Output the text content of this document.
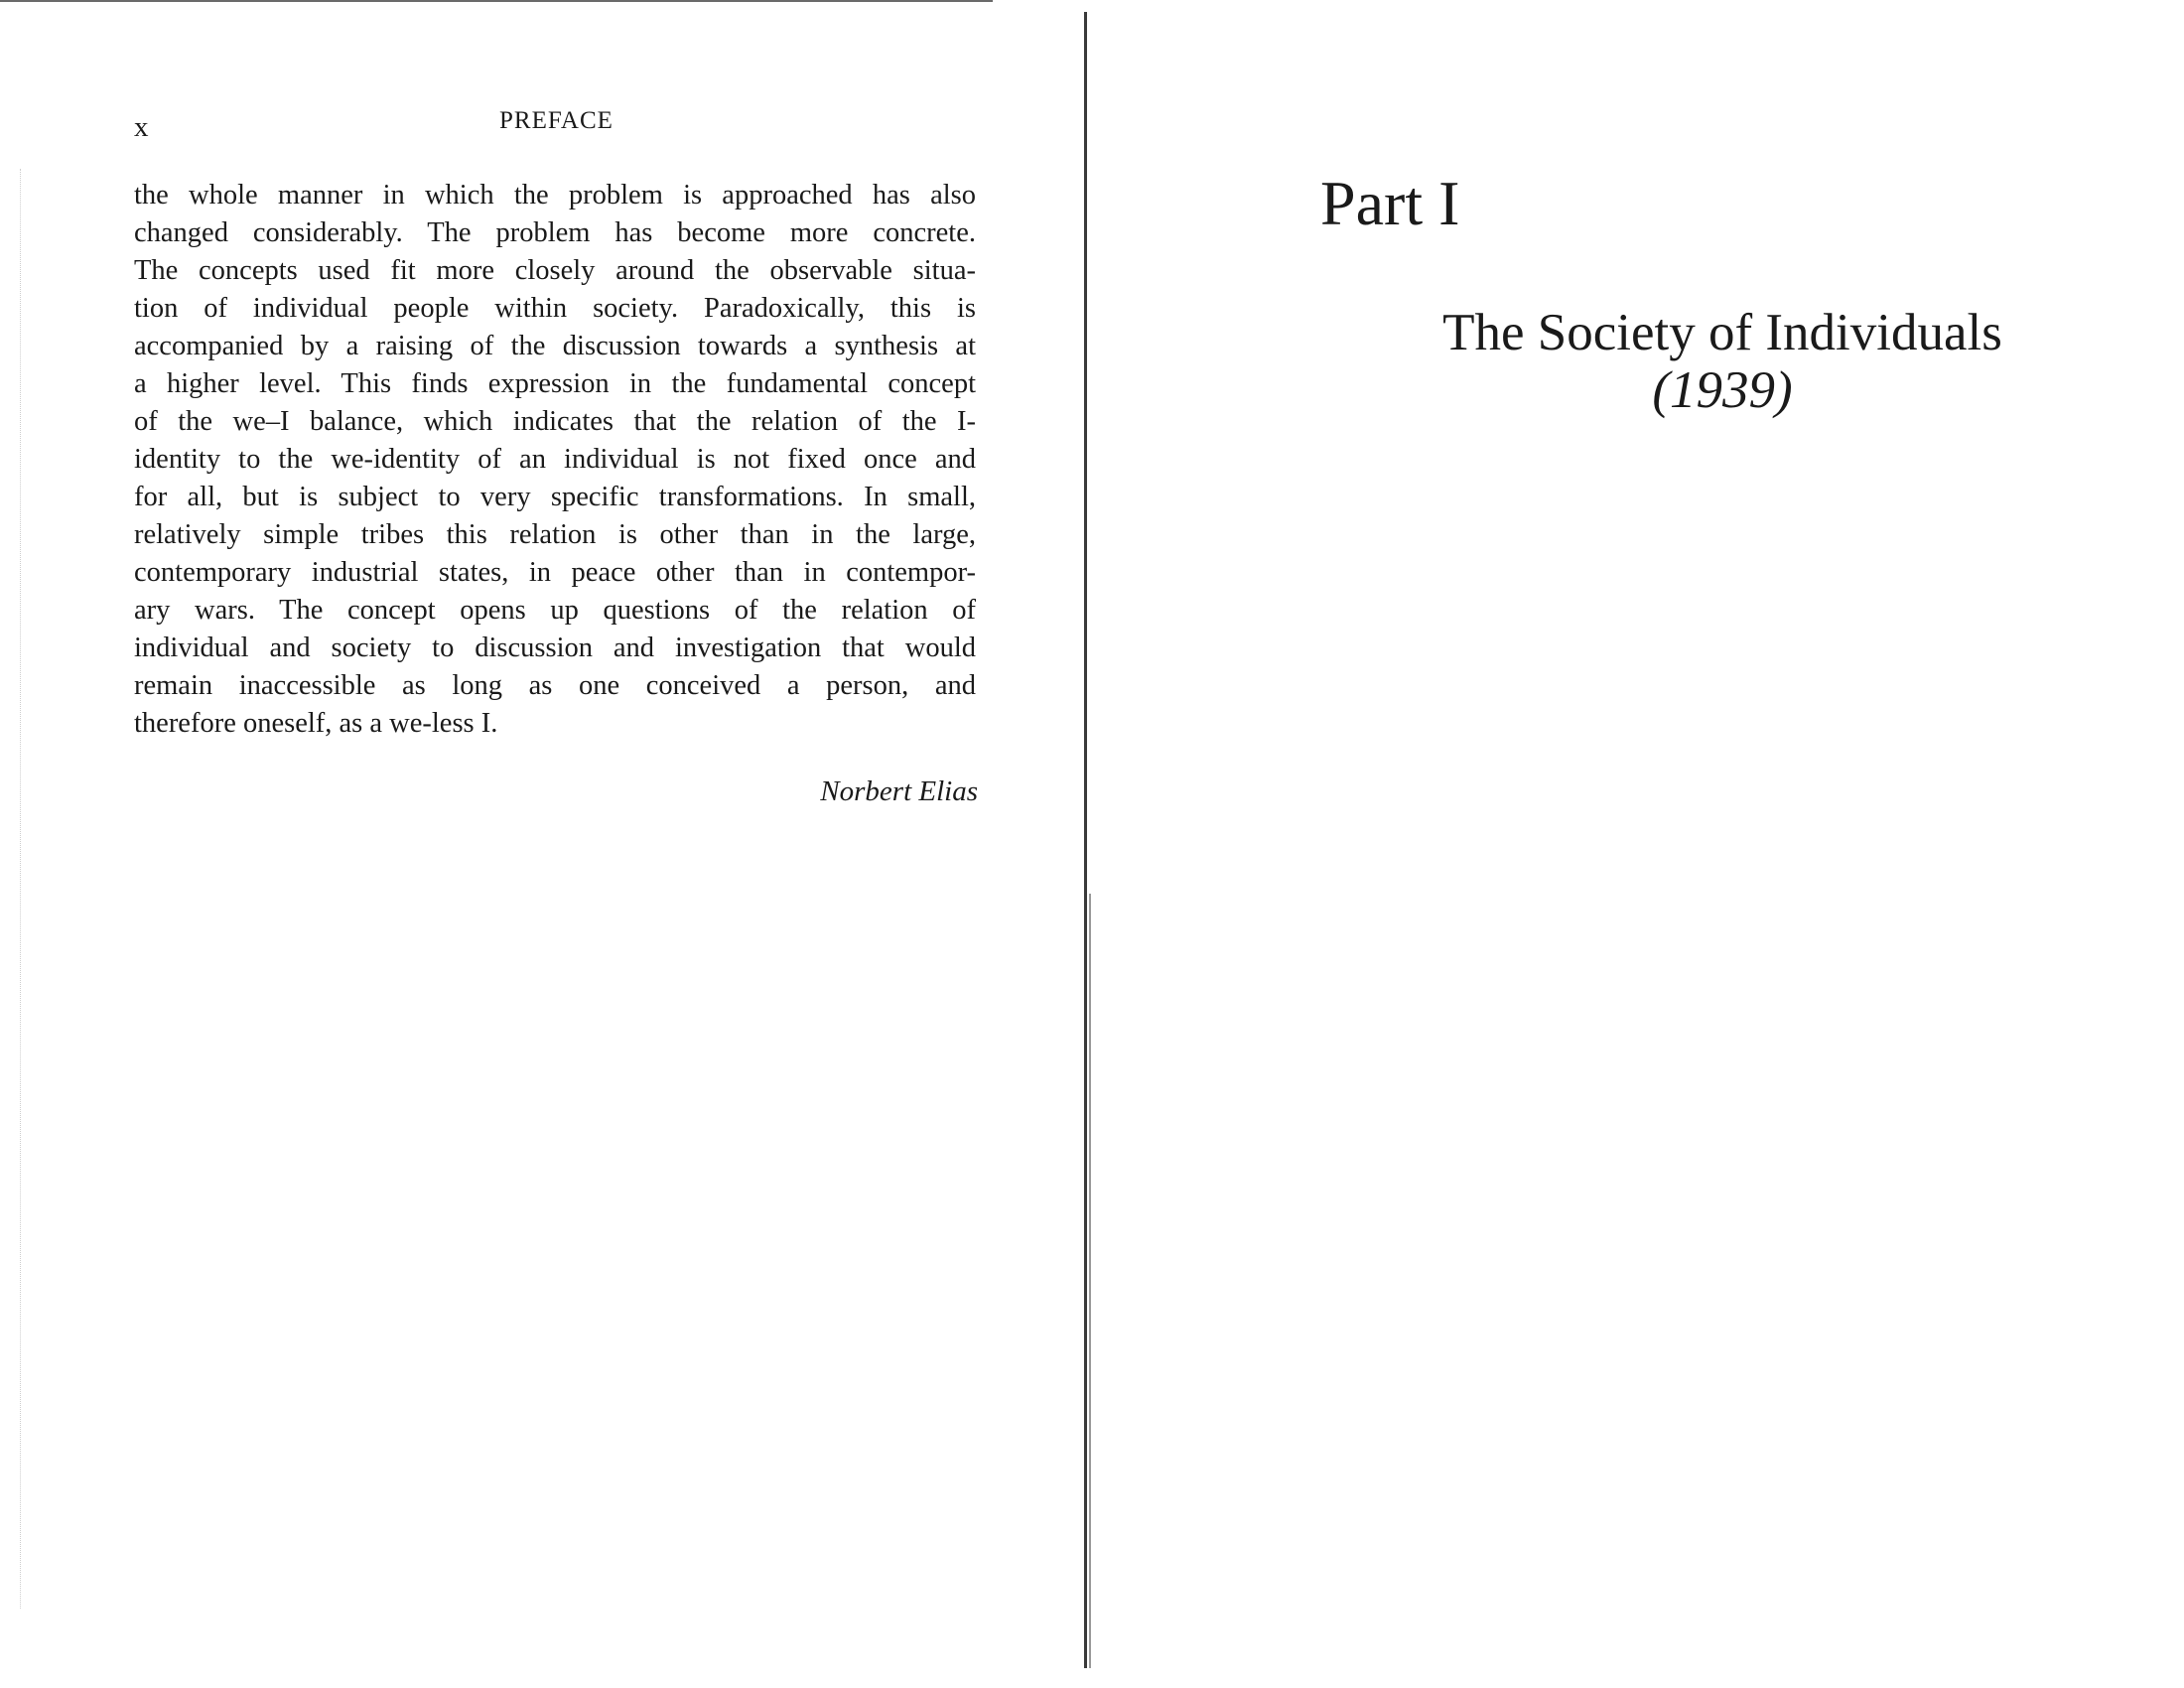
x	PREFACE
the whole manner in which the problem is approached has also
changed considerably. The problem has become more concrete.
The concepts used fit more closely around the observable situa-
tion of individual people within society. Paradoxically, this is
accompanied by a raising of the discussion towards a synthesis at
a higher level. This finds expression in the fundamental concept
of the we–I balance, which indicates that the relation of the I-
identity to the we-identity of an individual is not fixed once and
for all, but is subject to very specific transformations. In small,
relatively simple tribes this relation is other than in the large,
contemporary industrial states, in peace other than in contempor-
ary wars. The concept opens up questions of the relation of
individual and society to discussion and investigation that would
remain inaccessible as long as one conceived a person, and
therefore oneself, as a we-less I.
Norbert Elias
Part I
The Society of Individuals
(1939)
